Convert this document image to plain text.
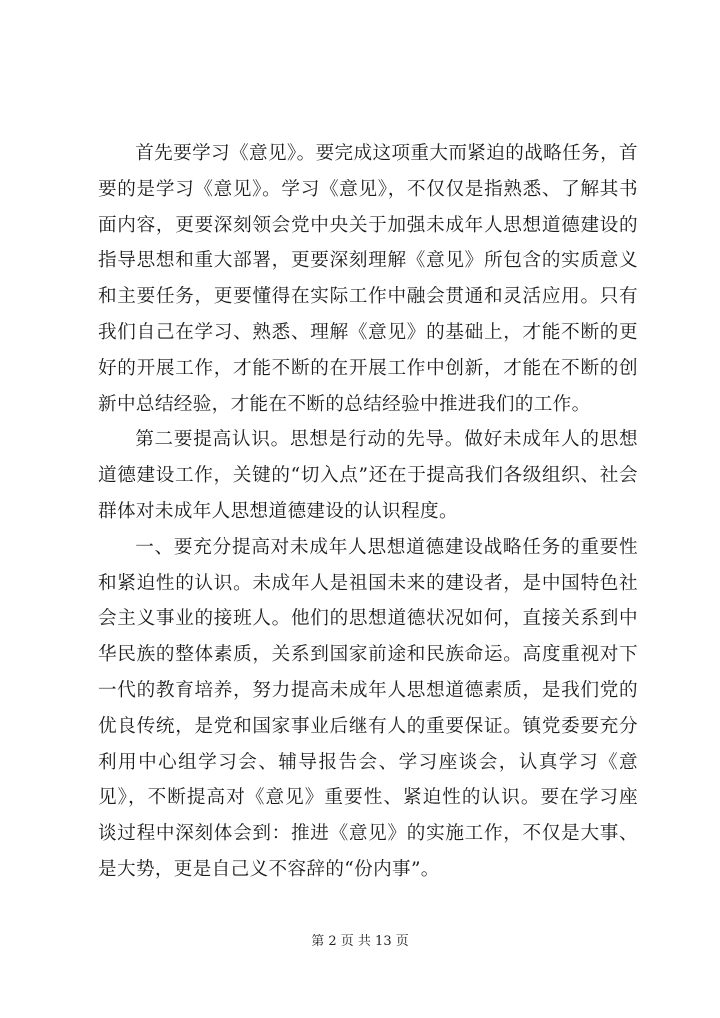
首先要学习《意见》。要完成这项重大而紧迫的战略任务，首要的是学习《意见》。学习《意见》，不仅仅是指熟悉、了解其书面内容，更要深刻领会党中央关于加强未成年人思想道德建设的指导思想和重大部署，更要深刻理解《意见》所包含的实质意义和主要任务，更要懂得在实际工作中融会贯通和灵活应用。只有我们自己在学习、熟悉、理解《意见》的基础上，才能不断的更好的开展工作，才能不断的在开展工作中创新，才能在不断的创新中总结经验，才能在不断的总结经验中推进我们的工作。

第二要提高认识。思想是行动的先导。做好未成年人的思想道德建设工作，关键的“切入点”还在于提高我们各级组织、社会群体对未成年人思想道德建设的认识程度。

一、要充分提高对未成年人思想道德建设战略任务的重要性和紧迫性的认识。未成年人是祖国未来的建设者，是中国特色社会主义事业的接班人。他们的思想道德状况如何，直接关系到中华民族的整体素质，关系到国家前途和民族命运。高度重视对下一代的教育培养，努力提高未成年人思想道德素质，是我们党的优良传统，是党和国家事业后继有人的重要保证。镇党委要充分利用中心组学习会、辅导报告会、学习座谈会，认真学习《意见》，不断提高对《意见》重要性、紧迫性的认识。要在学习座谈过程中深刻体会到：推进《意见》的实施工作，不仅是大事、是大势，更是自己义不容辞的“份内事”。

第 2 页 共 13 页
